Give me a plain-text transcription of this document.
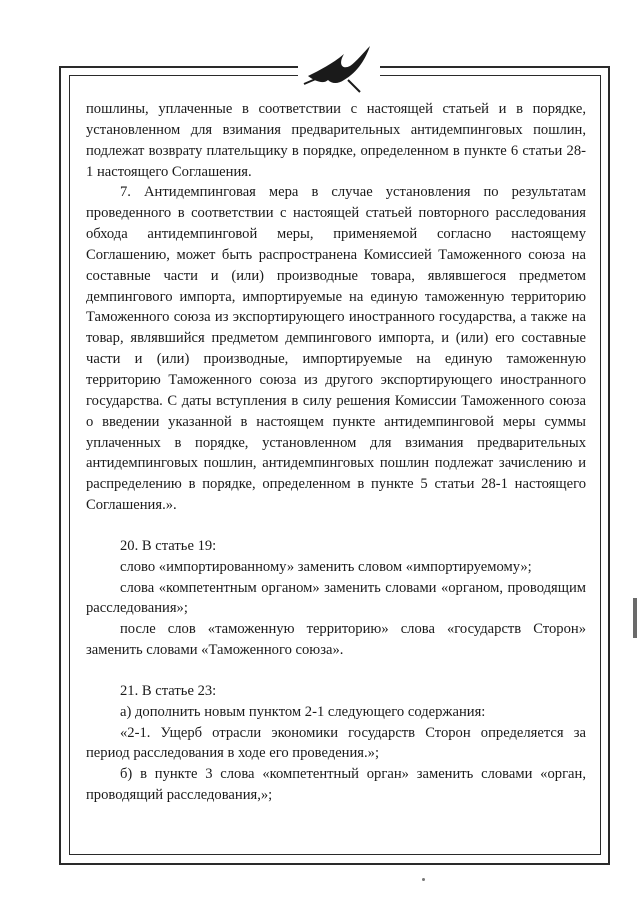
пошлины, уплаченные в соответствии с настоящей статьей и в порядке, установленном для взимания предварительных антидемпинговых пошлин, подлежат возврату плательщику в порядке, определенном в пункте 6 статьи 28-1 настоящего Соглашения.

7. Антидемпинговая мера в случае установления по результатам проведенного в соответствии с настоящей статьей повторного расследования обхода антидемпинговой меры, применяемой согласно настоящему Соглашению, может быть распространена Комиссией Таможенного союза на составные части и (или) производные товара, являвшегося предметом демпингового импорта, импортируемые на единую таможенную территорию Таможенного союза из экспортирующего иностранного государства, а также на товар, являвшийся предметом демпингового импорта, и (или) его составные части и (или) производные, импортируемые на единую таможенную территорию Таможенного союза из другого экспортирующего иностранного государства. С даты вступления в силу решения Комиссии Таможенного союза о введении указанной в настоящем пункте антидемпинговой меры суммы уплаченных в порядке, установленном для взимания предварительных антидемпинговых пошлин, антидемпинговых пошлин подлежат зачислению и распределению в порядке, определенном в пункте 5 статьи 28-1 настоящего Соглашения.».

20. В статье 19:

слово «импортированному» заменить словом «импортируемому»;

слова «компетентным органом» заменить словами «органом, проводящим расследования»;

после слов «таможенную территорию» слова «государств Сторон» заменить словами «Таможенного союза».

21. В статье 23:

а) дополнить новым пунктом 2-1 следующего содержания:

«2-1. Ущерб отрасли экономики государств Сторон определяется за период расследования в ходе его проведения.»;

б) в пункте 3 слова «компетентный орган» заменить словами «орган, проводящий расследования,»;
